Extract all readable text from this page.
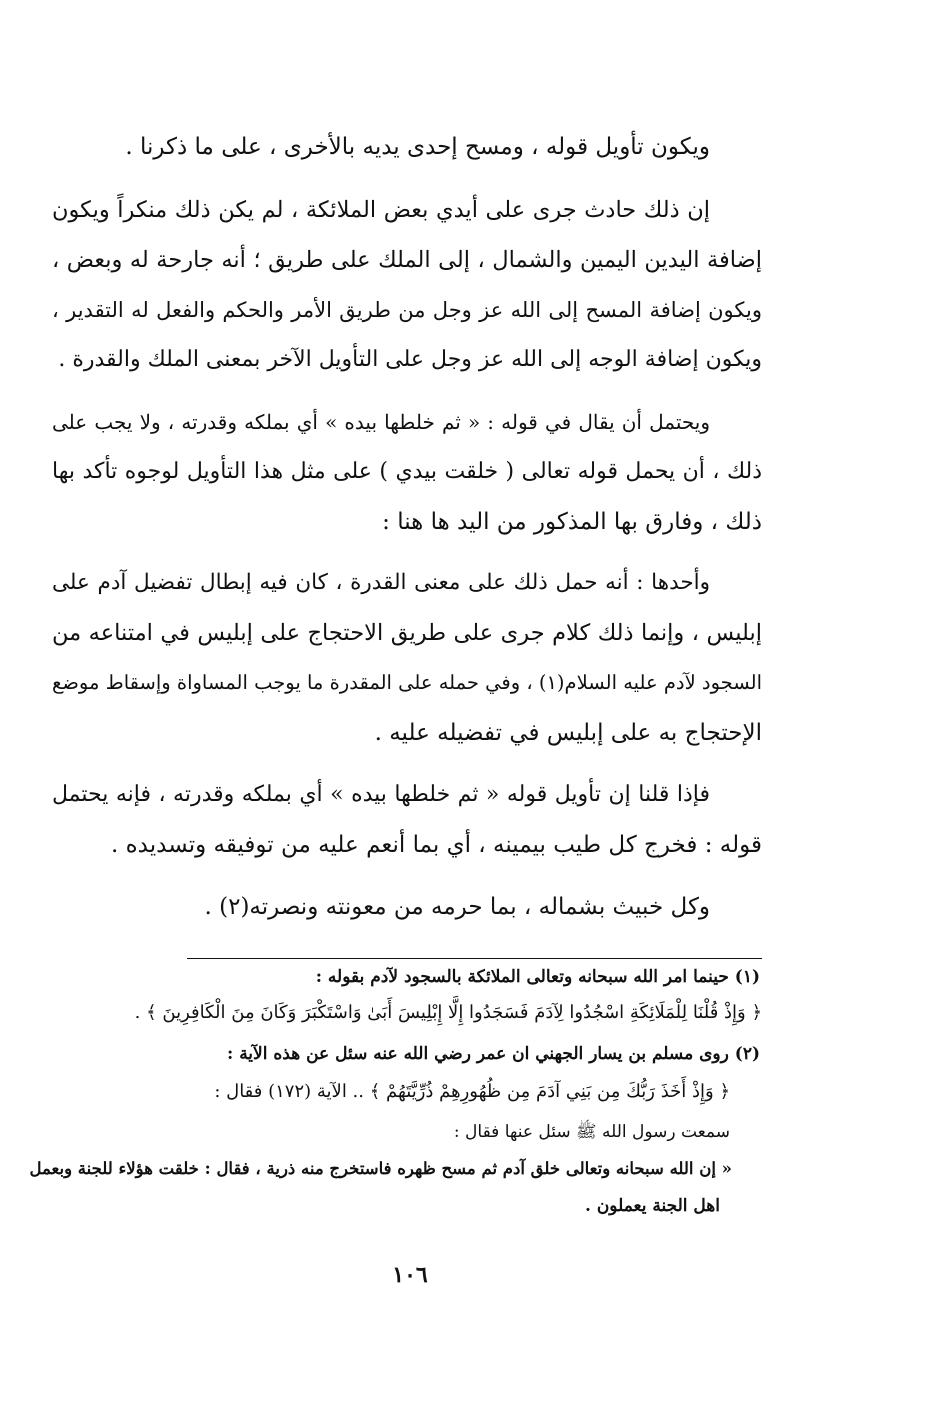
ويكون تأويل قوله ، ومسح إحدى يديه بالأخرى ، على ما ذكرنا .
إن ذلك حادث جرى على أيدي بعض الملائكة ، لم يكن ذلك منكراً ويكون
إضافة اليدين اليمين والشمال ، إلى الملك على طريق ؛ أنه جارحة له وبعض ،
ويكون إضافة المسح إلى الله عز وجل من طريق الأمر والحكم والفعل له التقدير ،
ويكون إضافة الوجه إلى الله عز وجل على التأويل الآخر بمعنى الملك والقدرة .
ويحتمل أن يقال في قوله : « ثم خلطها بيده » أي بملكه وقدرته ، ولا يجب على
ذلك ، أن يحمل قوله تعالى ( خلقت بيدي ) على مثل هذا التأويل لوجوه تأكد بها
ذلك ، وفارق بها المذكور من اليد ها هنا :
وأحدها : أنه حمل ذلك على معنى القدرة ، كان فيه إبطال تفضيل آدم على
إبليس ، وإنما ذلك كلام جرى على طريق الاحتجاج على إبليس في امتناعه من
السجود لآدم عليه السلام(١) ، وفي حمله على المقدرة ما يوجب المساواة وإسقاط موضع
الإحتجاج به على إبليس في تفضيله عليه .
فإذا قلنا إن تأويل قوله « ثم خلطها بيده » أي بملكه وقدرته ، فإنه يحتمل
قوله : فخرج كل طيب بيمينه ، أي بما أنعم عليه من توفيقه وتسديده .
وكل خبيث بشماله ، بما حرمه من معونته ونصرته(٢) .
(١) حينما امر الله سبحانه وتعالى الملائكة بالسجود لآدم بقوله :
﴿ وَإِذْ قُلْنَا لِلْمَلَائِكَةِ اسْجُدُوا لِآدَمَ فَسَجَدُوا إِلَّا إِبْلِيسَ أَبَىٰ وَاسْتَكْبَرَ وَكَانَ مِنَ الْكَافِرِينَ ﴾ .
(٢) روى مسلم بن يسار الجهني ان عمر رضي الله عنه سئل عن هذه الآية :
﴿ وَإِذْ أَخَذَ رَبُّكَ مِن بَنِي آدَمَ مِن ظُهُورِهِمْ ذُرِّيَّتَهُمْ ﴾ .. الآية (١٧٢) فقال :
سمعت رسول الله ﷺ سئل عنها فقال :
« إن الله سبحانه وتعالى خلق آدم ثم مسح ظهره فاستخرج منه ذرية ، فقال : خلقت هؤلاء للجنة وبعمل
اهل الجنة يعملون .
١٠٦
